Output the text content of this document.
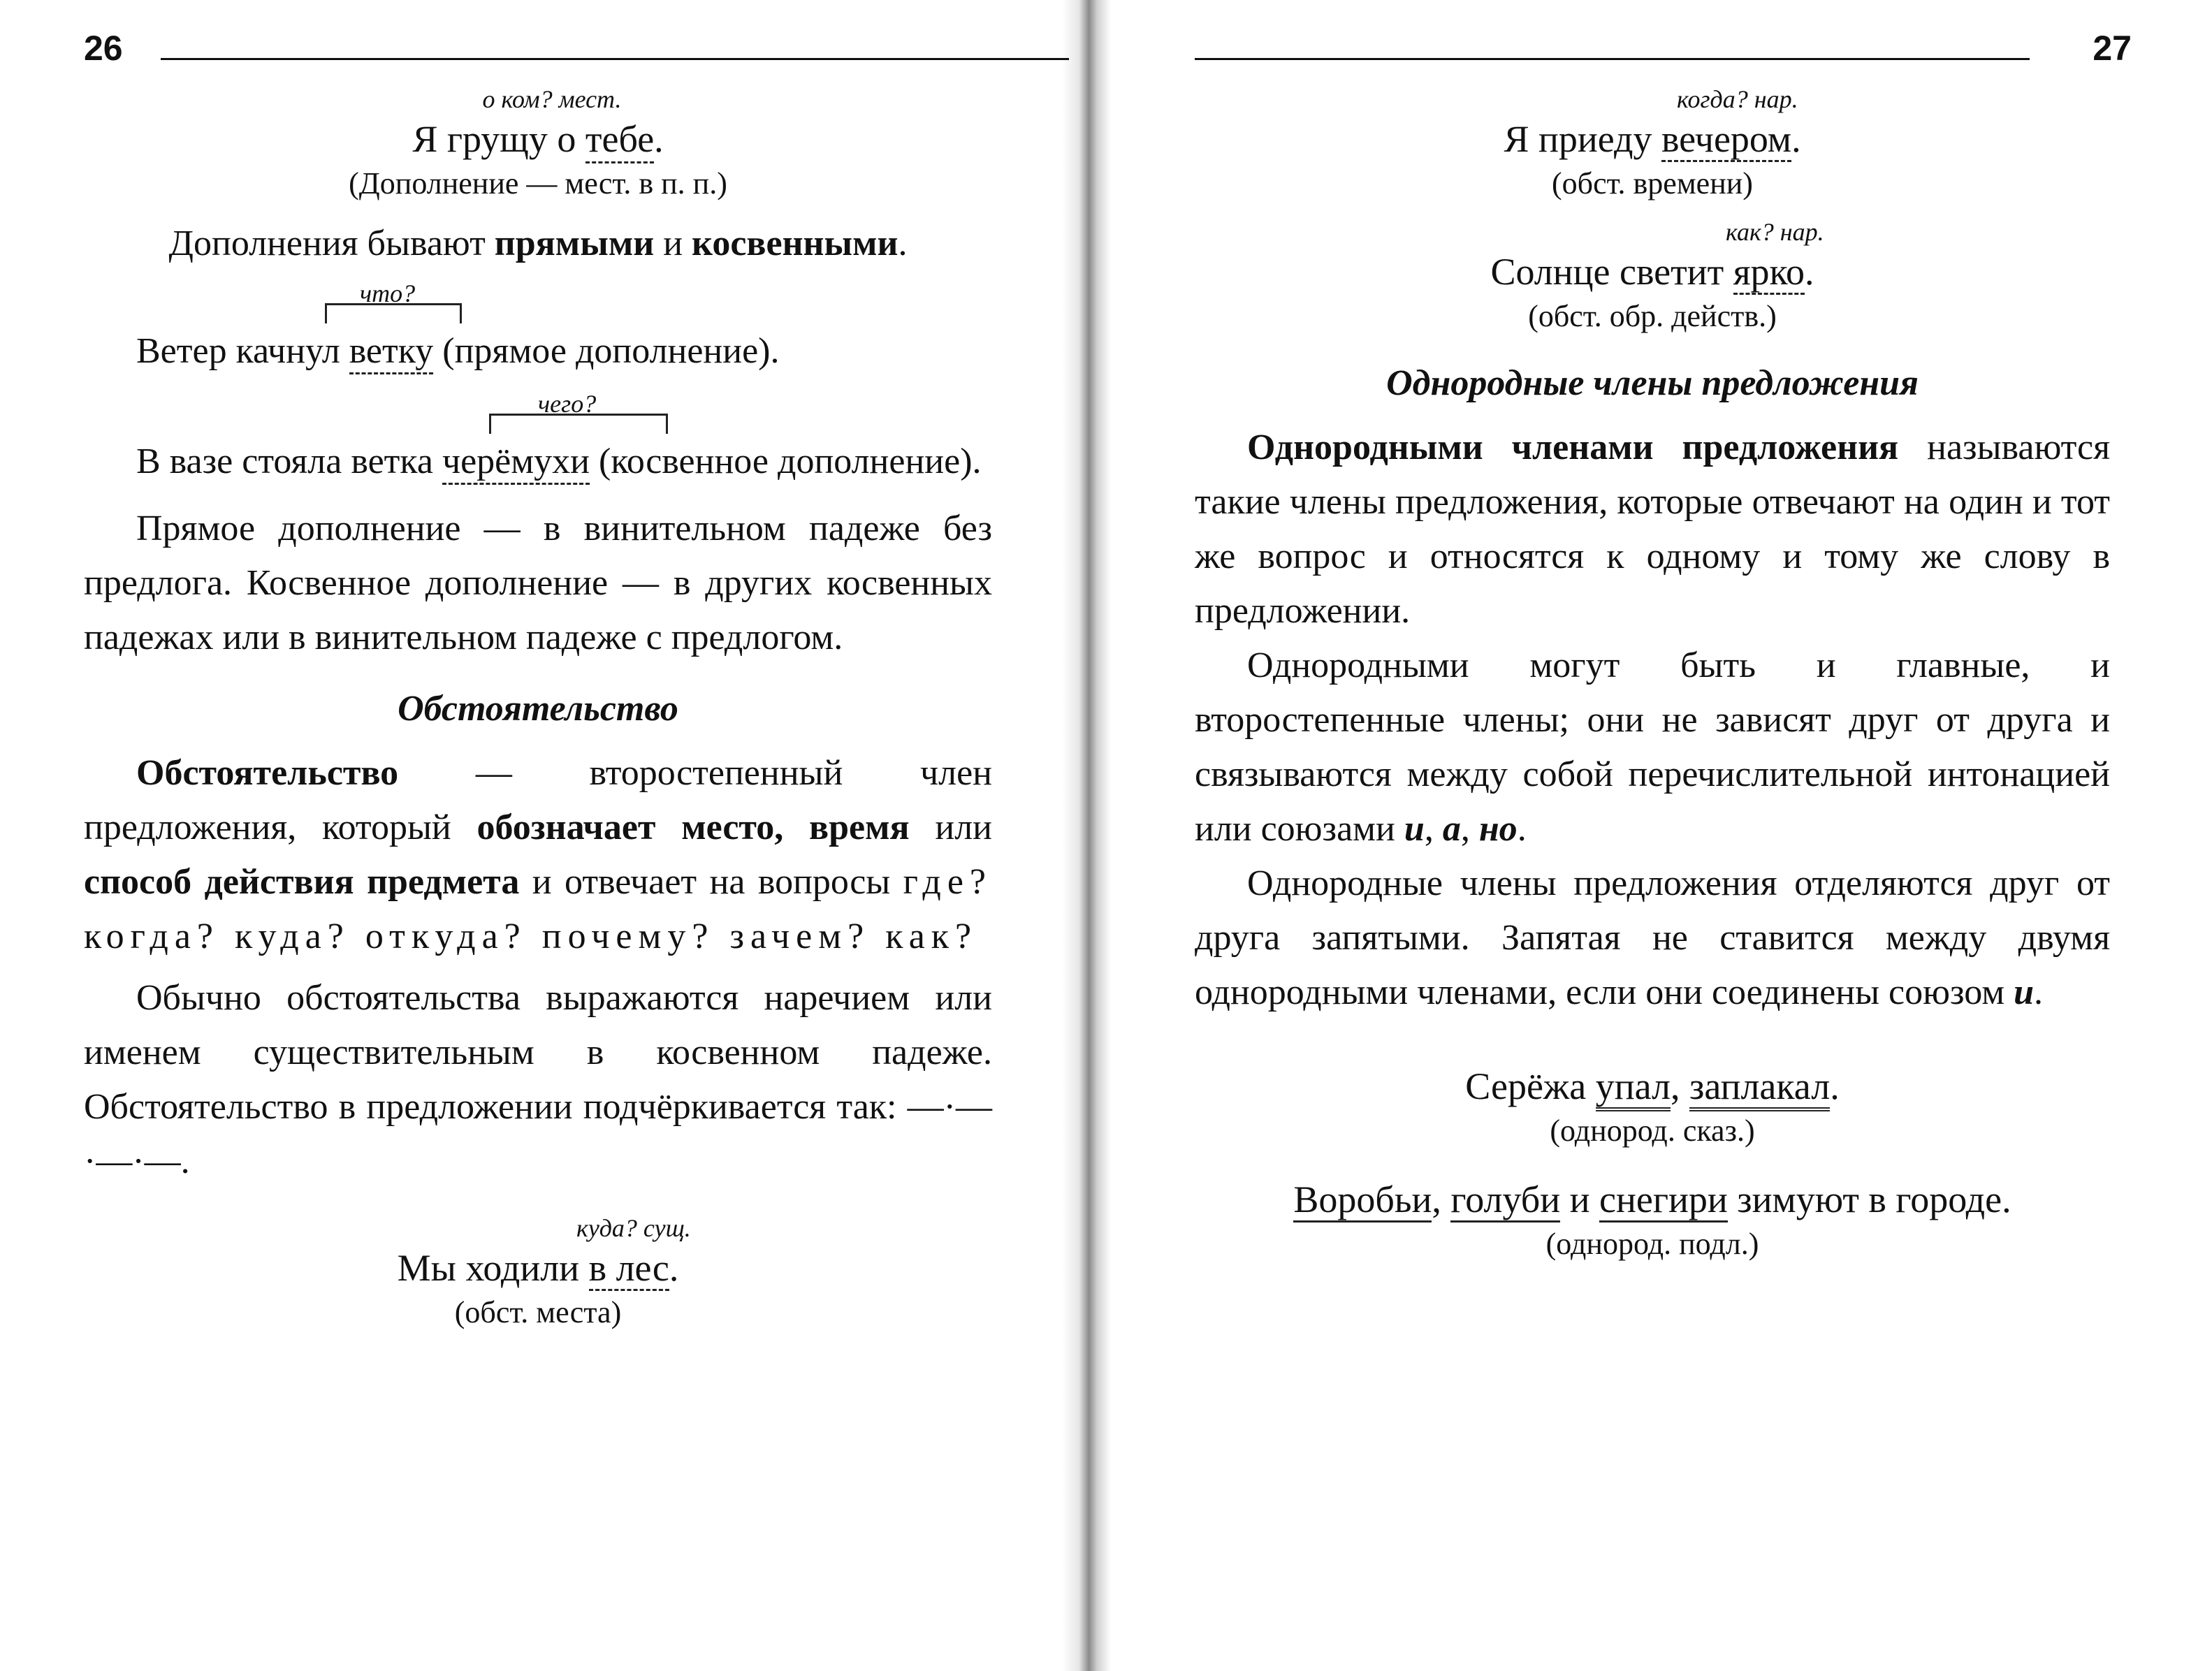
26
о ком? мест.
Я грущу о тебе.
(Дополнение — мест. в п. п.)

Дополнения бывают прямыми и косвенными.

что?

Ветер качнул ветку (прямое дополнение).

чего?

В вазе стояла ветка черёмухи (косвенное дополнение).

Прямое дополнение — в винительном падеже без предлога. Косвенное дополнение — в других косвенных падежах или в винительном падеже с предлогом.

Обстоятельство

Обстоятельство — второстепенный член предложения, который обозначает место, время или способ действия предмета и отвечает на вопросы где? когда? куда? откуда? почему? зачем? как?

Обычно обстоятельства выражаются наречием или именем существительным в косвенном падеже. Обстоятельство в предложении подчёркивается так: —·—·—·—.

куда? сущ.
Мы ходили в лес.
(обст. места)
27
когда? нар.
Я приеду вечером.
(обст. времени)
как? нар.
Солнце светит ярко.
(обст. обр. действ.)
Однородные члены предложения

Однородными членами предложения называются такие члены предложения, которые отвечают на один и тот же вопрос и относятся к одному и тому же слову в предложении.

Однородными могут быть и главные, и второстепенные члены; они не зависят друг от друга и связываются между собой перечислительной интонацией или союзами и, а, но.

Однородные члены предложения отделяются друг от друга запятыми. Запятая не ставится между двумя однородными членами, если они соединены союзом и.

Серёжа упал, заплакал.
(однород. сказ.)
Воробьи, голуби и снегири зимуют в городе.
(однород. подл.)
